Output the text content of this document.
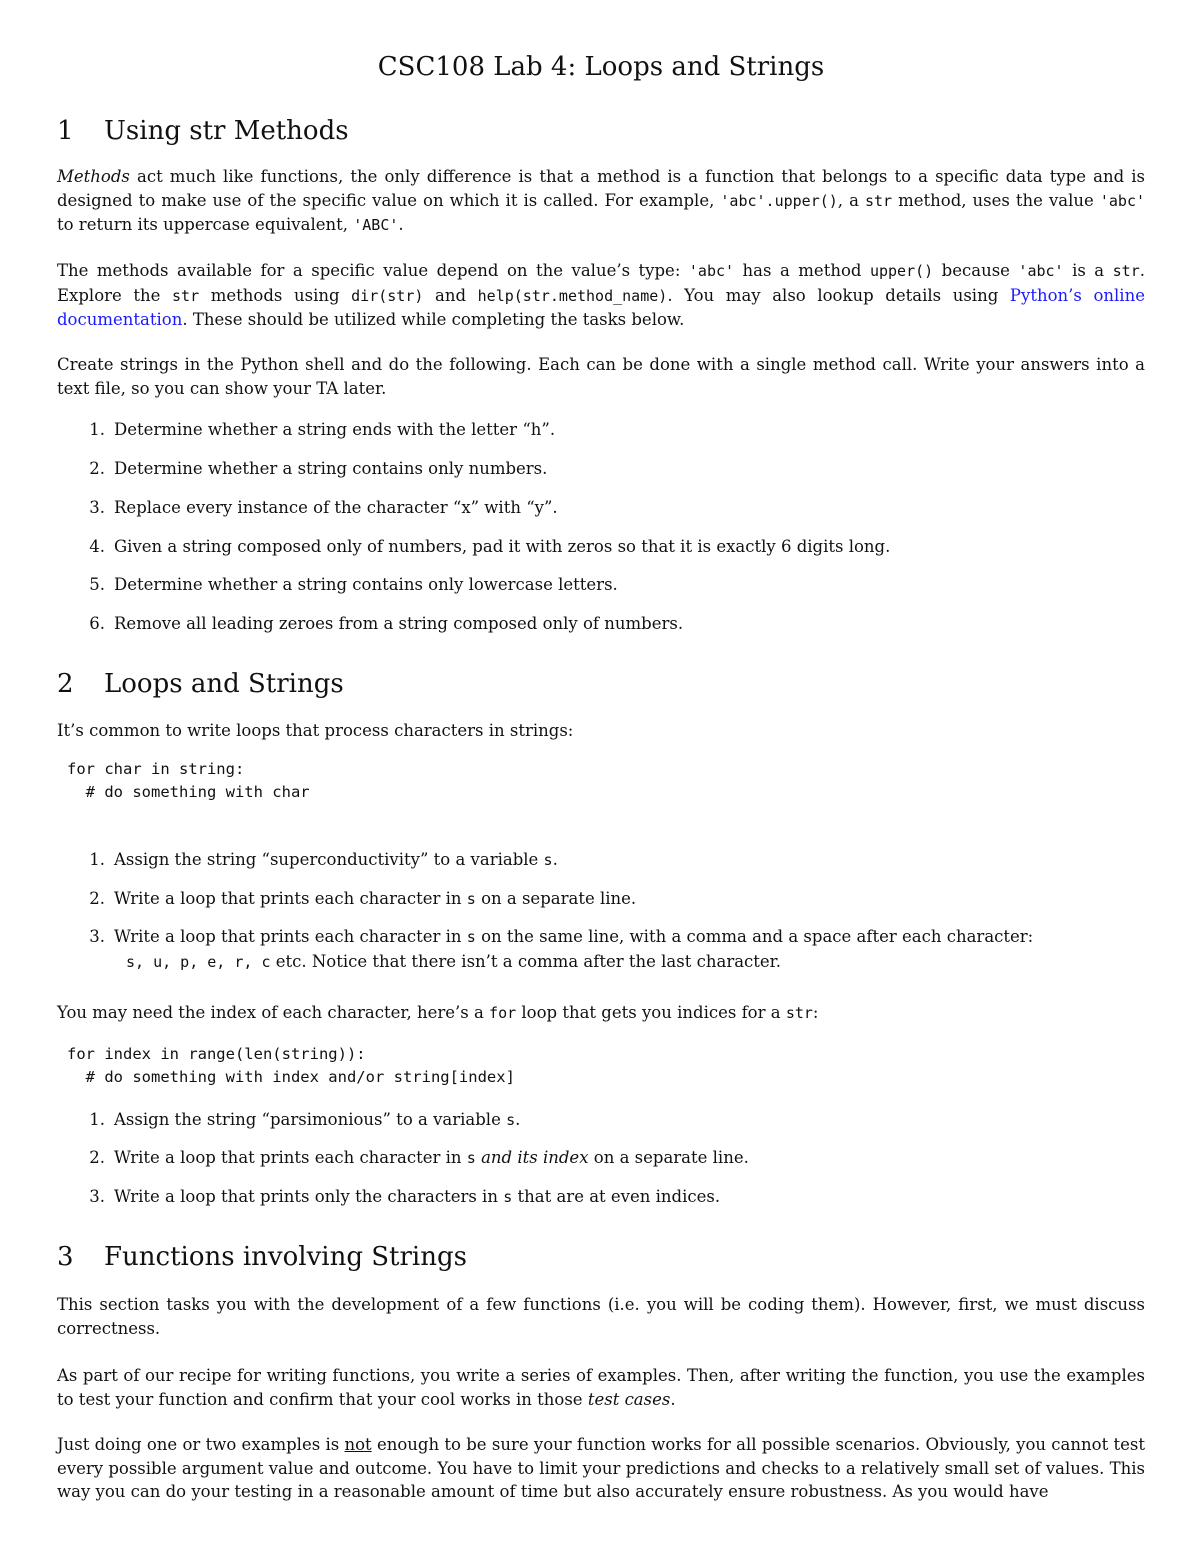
CSC108 Lab 4: Loops and Strings
1 Using str Methods

Methods act much like functions, the only difference is that a method is a function that belongs to a specific data type and is designed to make use of the specific value on which it is called. For example, 'abc'.upper(), a str method, uses the value 'abc' to return its uppercase equivalent, 'ABC'.

The methods available for a specific value depend on the value’s type: 'abc' has a method upper() because 'abc' is a str. Explore the str methods using dir(str) and help(str.method_name). You may also lookup details using Python’s online documentation. These should be utilized while completing the tasks below.

Create strings in the Python shell and do the following. Each can be done with a single method call. Write your answers into a text file, so you can show your TA later.

1. Determine whether a string ends with the letter “h”.

2. Determine whether a string contains only numbers.

3. Replace every instance of the character “x” with “y”.

4. Given a string composed only of numbers, pad it with zeros so that it is exactly 6 digits long.

5. Determine whether a string contains only lowercase letters.

6. Remove all leading zeroes from a string composed only of numbers.

2 Loops and Strings

It’s common to write loops that process characters in strings:

for char in string:
# do something with char

1. Assign the string “superconductivity” to a variable s.

2. Write a loop that prints each character in s on a separate line.

3. Write a loop that prints each character in s on the same line, with a comma and a space after each character:
s, u, p, e, r, c etc. Notice that there isn’t a comma after the last character.

You may need the index of each character, here’s a for loop that gets you indices for a str:

for index in range(len(string)):
# do something with index and/or string[index]

1. Assign the string “parsimonious” to a variable s.

2. Write a loop that prints each character in s and its index on a separate line.

3. Write a loop that prints only the characters in s that are at even indices.

3 Functions involving Strings

This section tasks you with the development of a few functions (i.e. you will be coding them). However, first, we must discuss correctness.

As part of our recipe for writing functions, you write a series of examples. Then, after writing the function, you use the examples to test your function and confirm that your cool works in those test cases.

Just doing one or two examples is not enough to be sure your function works for all possible scenarios. Obviously, you cannot test every possible argument value and outcome. You have to limit your predictions and checks to a relatively small set of values. This way you can do your testing in a reasonable amount of time but also accurately ensure robustness. As you would have
